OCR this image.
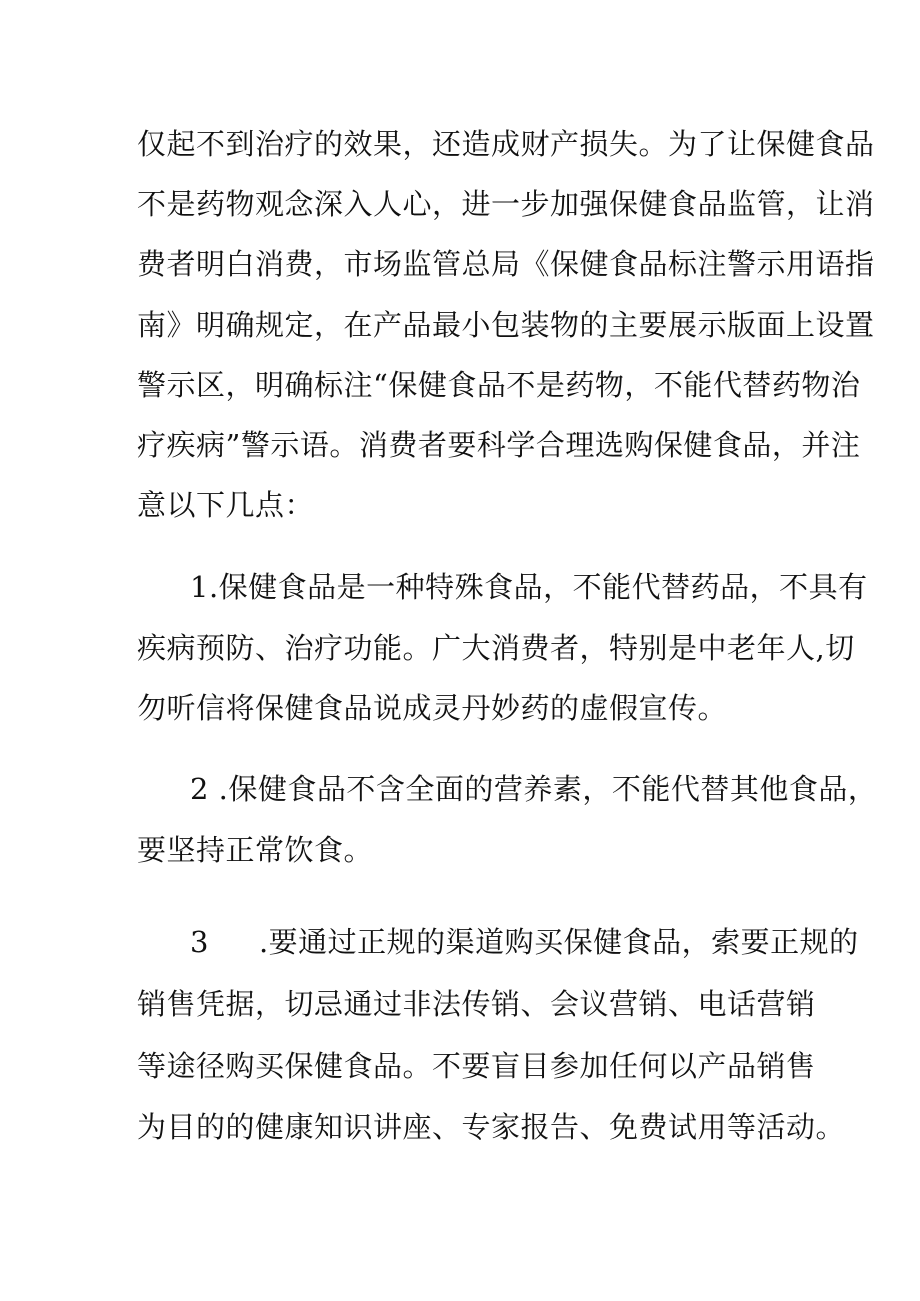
仅起不到治疗的效果，还造成财产损失。为了让保健食品
不是药物观念深入人心，进一步加强保健食品监管，让消
费者明白消费，市场监管总局《保健食品标注警示用语指
南》明确规定，在产品最小包装物的主要展示版面上设置
警示区，明确标注“保健食品不是药物，不能代替药物治
疗疾病”警示语。消费者要科学合理选购保健食品，并注
意以下几点：
1.保健食品是一种特殊食品，不能代替药品，不具有
疾病预防、治疗功能。广大消费者，特别是中老年人,切
勿听信将保健食品说成灵丹妙药的虚假宣传。
2 .保健食品不含全面的营养素，不能代替其他食品，
要坚持正常饮食。
3 .要通过正规的渠道购买保健食品，索要正规的
销售凭据，切忌通过非法传销、会议营销、电话营销
等途径购买保健食品。不要盲目参加任何以产品销售
为目的的健康知识讲座、专家报告、免费试用等活动。
